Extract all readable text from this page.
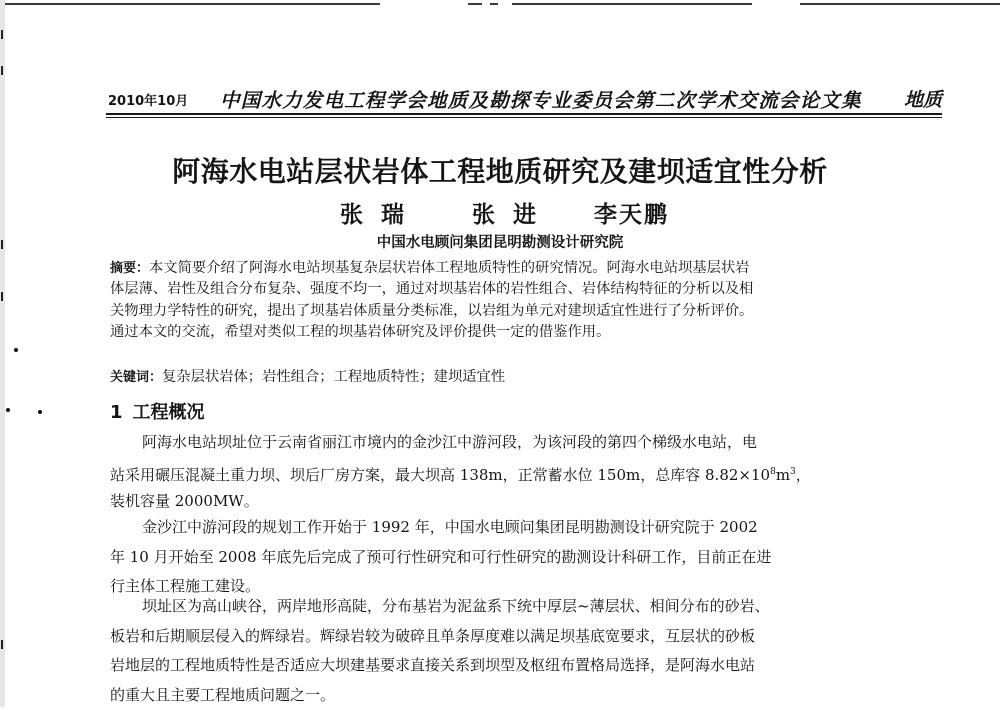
2010年10月 中国水力发电工程学会地质及勘探专业委员会第二次学术交流会论文集 地质
阿海水电站层状岩体工程地质研究及建坝适宜性分析
张瑞 张进 李天鹏
中国水电顾问集团昆明勘测设计研究院
摘要：本文简要介绍了阿海水电站坝基复杂层状岩体工程地质特性的研究情况。阿海水电站坝基层状岩
体层薄、岩性及组合分布复杂、强度不均一，通过对坝基岩体的岩性组合、岩体结构特征的分析以及相
关物理力学特性的研究，提出了坝基岩体质量分类标准，以岩组为单元对建坝适宜性进行了分析评价。
通过本文的交流，希望对类似工程的坝基岩体研究及评价提供一定的借鉴作用。
关键词：复杂层状岩体；岩性组合；工程地质特性；建坝适宜性
1 工程概况
阿海水电站坝址位于云南省丽江市境内的金沙江中游河段，为该河段的第四个梯级水电站，电
站采用碾压混凝土重力坝、坝后厂房方案，最大坝高 138m，正常蓄水位 150m，总库容 $8.82\times 10^8m^3$，
装机容量 2000MW。
金沙江中游河段的规划工作开始于 1992 年，中国水电顾问集团昆明勘测设计研究院于 2002
年 10 月开始至 2008 年底先后完成了预可行性研究和可行性研究的勘测设计科研工作，目前正在进
行主体工程施工建设。
坝址区为高山峡谷，两岸地形高陡，分布基岩为泥盆系下统中厚层~薄层状、相间分布的砂岩、
板岩和后期顺层侵入的辉绿岩。辉绿岩较为破碎且单条厚度难以满足坝基底宽要求，互层状的砂板
岩地层的工程地质特性是否适应大坝建基要求直接关系到坝型及枢纽布置格局选择，是阿海水电站
的重大且主要工程地质问题之一。
